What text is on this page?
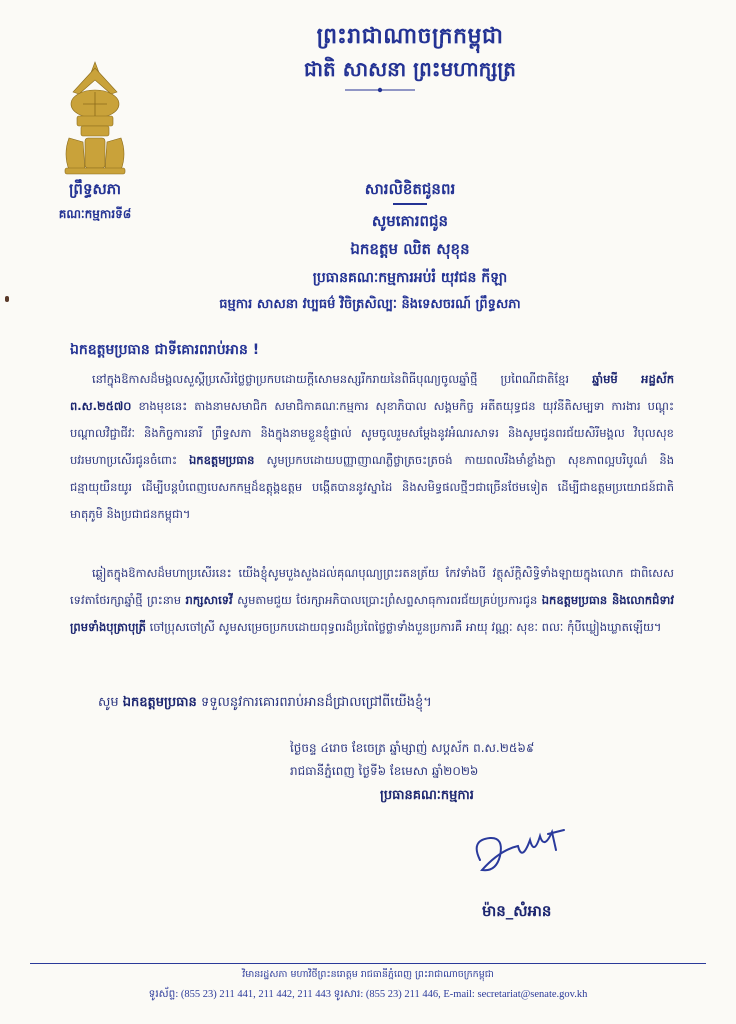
ព្រះរាជាណាចក្រកម្ពុជា
ជាតិ សាសនា ព្រះមហាក្សត្រ
ព្រឹទ្ធសភា
គណៈកម្មការទី៨
សារលិខិតជូនពរ
សូមគោរពជូន
ឯកឧត្តម ឈិត សុខុន
ប្រធានគណៈកម្មការអប់រំ យុវជន កីឡា
ធម្មការ សាសនា វប្បធម៌ វិចិត្រសិល្បៈ និងទេសចរណ៍ ព្រឹទ្ធសភា
ឯកឧត្តមប្រធាន ជាទីគោរពរាប់អាន !
នៅក្នុងឱកាសដ៏មង្គលសួស្តីប្រសើរថ្លៃថ្លាប្រកបដោយក្តីសោមនស្សរីករាយនៃពិធីបុណ្យចូលឆ្នាំថ្មី ប្រពៃណីជាតិខ្មែរ ឆ្នាំមមី អដ្ឋស័ក ព.ស.២៥៧០ ខាងមុខនេះ តាងនាមសមាជិក សមាជិកាគណៈកម្មការ សុខាភិបាល សង្គមកិច្ច អតីតយុទ្ធជន យុវនីតិសម្បទា ការងារ បណ្តុះបណ្តាលវិជ្ជាជីវៈ និងកិច្ចការនារី ព្រឹទ្ធសភា និងក្នុងនាមខ្លួនខ្ញុំផ្ទាល់ សូមចូលរួមសម្តែងនូវអំណរសាទរ និងសូមជូនពរជ័យសិរីមង្គល វិបុលសុខ បវរមហាប្រសើរជូនចំពោះ ឯកឧត្តមប្រធាន សូមប្រកបដោយបញ្ញាញាណភ្លឺថ្លាត្រចះត្រចង់ កាយពលរឹងមាំខ្លាំងក្លា សុខភាពល្អបរិបូណ៌ និងជន្មាយុយឺនយូរ ដើម្បីបន្តបំពេញបេសកកម្មដ៏ឧត្តុង្គឧត្តម បង្កើតបាននូវស្នាដៃ និងសមិទ្ធផលថ្មីៗជាច្រើនថែមទៀត ដើម្បីជាឧត្តមប្រយោជន៍ជាតិមាតុភូមិ និងប្រជាជនកម្ពុជា។
ឆ្លៀតក្នុងឱកាសដ៏មហាប្រសើរនេះ យើងខ្ញុំសូមបួងសួងដល់គុណបុណ្យព្រះរតនត្រ័យ កែវទាំងបី វត្ថុស័ក្តិសិទ្ធិទាំងឡាយក្នុងលោក ជាពិសេសទេវតាថែរក្សាឆ្នាំថ្មី ព្រះនាម រាក្សសាទេវី សូមតាមជួយ ថែរក្សាអភិបាលប្រោះព្រំសព្ទសាធុការពរជ័យគ្រប់ប្រការជូន ឯកឧត្តមប្រធាន និងលោកជំទាវ ព្រមទាំងបុត្រាបុត្រី ចៅប្រុសចៅស្រី សូមសម្រេចប្រកបដោយពុទ្ធពរដ៏ប្រពៃថ្លៃថ្លាទាំងបួនប្រការគឺ អាយុ វណ្ណៈ សុខៈ ពលៈ កុំបីឃ្លៀងឃ្លាតឡើយ។
សូម ឯកឧត្តមប្រធាន ទទួលនូវការគោរពរាប់អានដ៏ជ្រាលជ្រៅពីយើងខ្ញុំ។
ថ្ងៃចន្ទ ៤រោច ខែចេត្រ ឆ្នាំម្សាញ់ សប្តស័ក ព.ស.២៥៦៩
រាជធានីភ្នំពេញ ថ្ងៃទី៦ ខែមេសា ឆ្នាំ២០២៦
ប្រធានគណៈកម្មការ
ម៉ាន_សំអាន
វិមានរដ្ឋសភា មហាវិថីព្រះនរោត្តម រាជធានីភ្នំពេញ ព្រះរាជាណាចក្រកម្ពុជា
ទូរស័ព្ទ: (855 23) 211 441, 211 442, 211 443 ទូរសារ: (855 23) 211 446, E-mail: secretariat@senate.gov.kh
